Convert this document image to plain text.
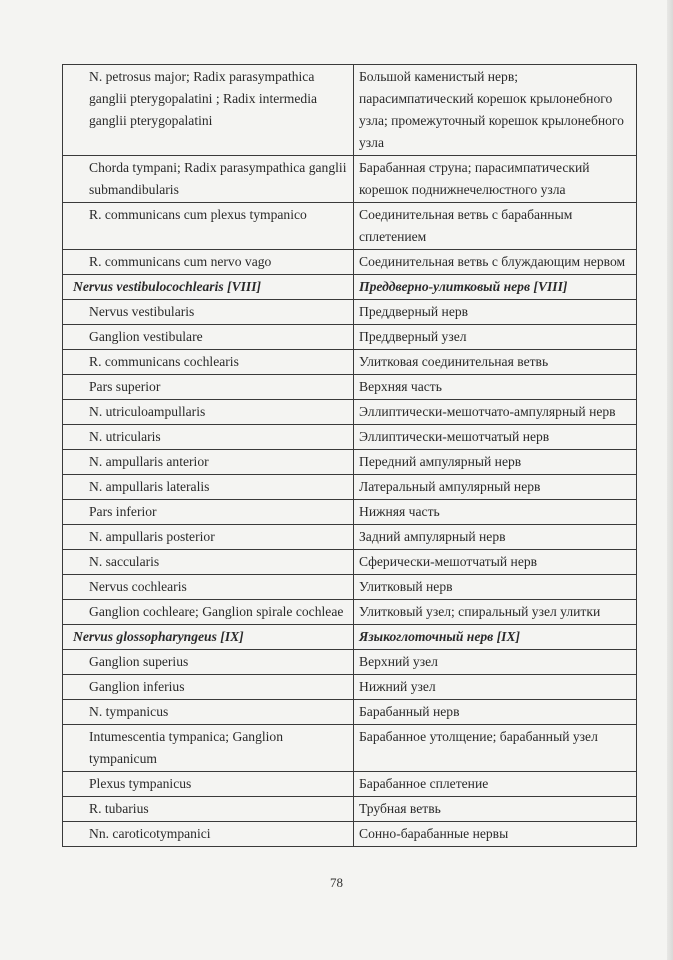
N. petrosus major; Radix parasympathica ganglii pterygopalatini ; Radix intermedia ganglii pterygopalatini	Большой каменистый нерв; парасимпатический корешок крылонебного узла; промежуточный корешок крылонебного узла
Chorda tympani; Radix parasympathica ganglii submandibularis	Барабанная струна; парасимпатический корешок поднижнечелюстного узла
R. communicans cum plexus tympanico	Соединительная ветвь с барабанным сплетением
R. communicans cum nervo vago	Соединительная ветвь с блуждающим нервом
Nervus vestibulocochlearis [VIII]	Преддверно-улитковый нерв [VIII]
Nervus vestibularis	Преддверный нерв
Ganglion vestibulare	Преддверный узел
R. communicans cochlearis	Улитковая соединительная ветвь
Pars superior	Верхняя часть
N. utriculoampullaris	Эллиптически-мешотчато-ампулярный нерв
N. utricularis	Эллиптически-мешотчатый нерв
N. ampullaris anterior	Передний ампулярный нерв
N. ampullaris lateralis	Латеральный ампулярный нерв
Pars inferior	Нижняя часть
N. ampullaris posterior	Задний ампулярный нерв
N. saccularis	Сферически-мешотчатый нерв
Nervus cochlearis	Улитковый нерв
Ganglion cochleare; Ganglion spirale cochleae	Улитковый узел; спиральный узел улитки
Nervus glossopharyngeus [IX]	Языкоглоточный нерв [IX]
Ganglion superius	Верхний узел
Ganglion inferius	Нижний узел
N. tympanicus	Барабанный нерв
Intumescentia tympanica; Ganglion tympanicum	Барабанное утолщение; барабанный узел
Plexus tympanicus	Барабанное сплетение
R. tubarius	Трубная ветвь
Nn. caroticotympanici	Сонно-барабанные нервы
78
